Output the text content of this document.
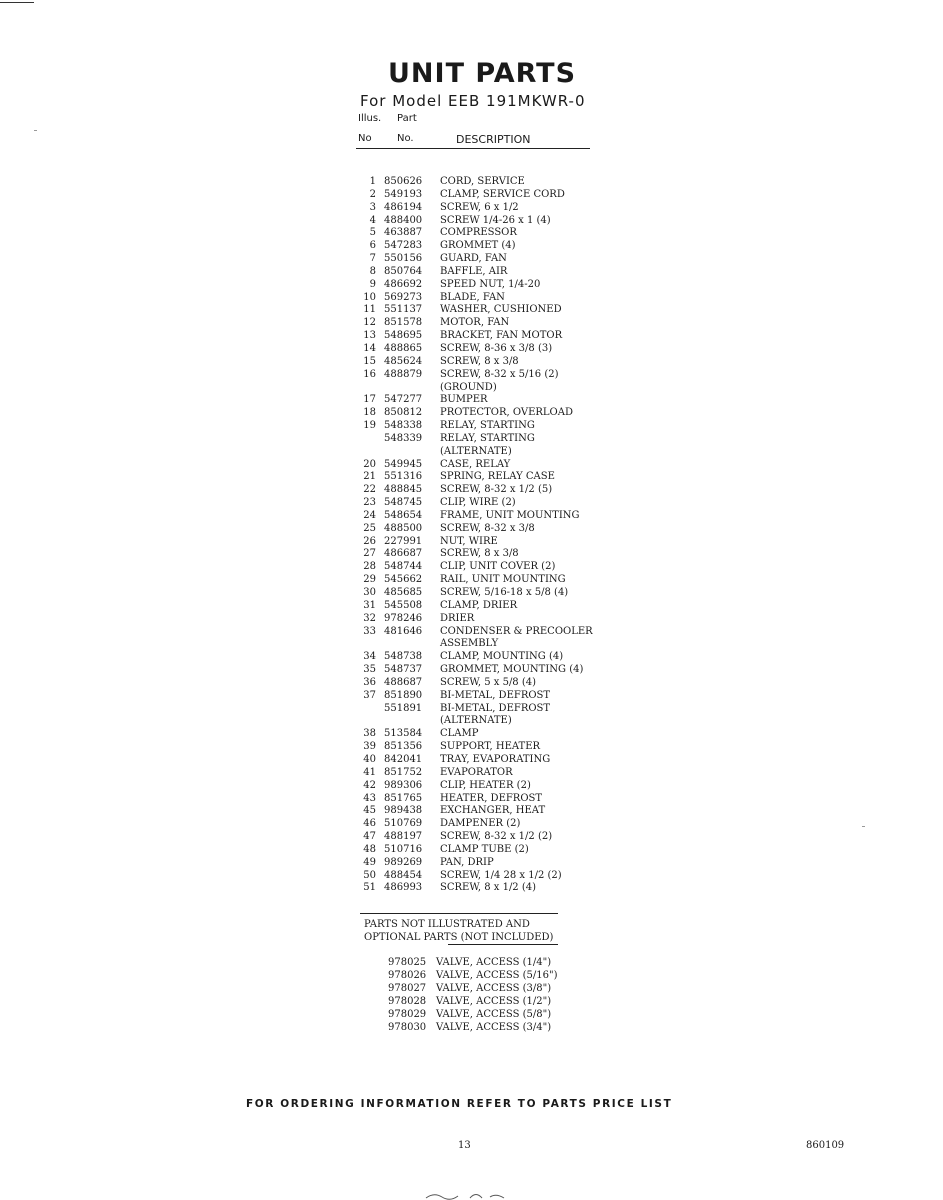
UNIT PARTS
For Model EEB 191MKWR-0
Illus. Part
No	No.	DESCRIPTION
1 850626 CORD, SERVICE
2 549193 CLAMP, SERVICE CORD
3 486194 SCREW, 6 x 1/2
4 488400 SCREW 1/4-26 x 1 (4)
5 463887 COMPRESSOR
6 547283 GROMMET (4)
7 550156 GUARD, FAN
8 850764 BAFFLE, AIR
9 486692 SPEED NUT, 1/4-20
10 569273 BLADE, FAN
11 551137 WASHER, CUSHIONED
12 851578 MOTOR, FAN
13 548695 BRACKET, FAN MOTOR
14 488865 SCREW, 8-36 x 3/8 (3)
15 485624 SCREW, 8 x 3/8
16 488879 SCREW, 8-32 x 5/16 (2)
(GROUND)
17 547277 BUMPER
18 850812 PROTECTOR, OVERLOAD
19 548338 RELAY, STARTING
548339 RELAY, STARTING
(ALTERNATE)
20 549945 CASE, RELAY
21 551316 SPRING, RELAY CASE
22 488845 SCREW, 8-32 x 1/2 (5)
23 548745 CLIP, WIRE (2)
24 548654 FRAME, UNIT MOUNTING
25 488500 SCREW, 8-32 x 3/8
26 227991 NUT, WIRE
27 486687 SCREW, 8 x 3/8
28 548744 CLIP, UNIT COVER (2)
29 545662 RAIL, UNIT MOUNTING
30 485685 SCREW, 5/16-18 x 5/8 (4)
31 545508 CLAMP, DRIER
32 978246 DRIER
33 481646 CONDENSER & PRECOOLER
ASSEMBLY
34 548738 CLAMP, MOUNTING (4)
35 548737 GROMMET, MOUNTING (4)
36 488687 SCREW, 5 x 5/8 (4)
37 851890 BI-METAL, DEFROST
551891 BI-METAL, DEFROST
(ALTERNATE)
38 513584 CLAMP
39 851356 SUPPORT, HEATER
40 842041 TRAY, EVAPORATING
41 851752 EVAPORATOR
42 989306 CLIP, HEATER (2)
43 851765 HEATER, DEFROST
45 989438 EXCHANGER, HEAT
46 510769 DAMPENER (2)
47 488197 SCREW, 8-32 x 1/2 (2)
48 510716 CLAMP TUBE (2)
49 989269 PAN, DRIP
50 488454 SCREW, 1/4 28 x 1/2 (2)
51 486993 SCREW, 8 x 1/2 (4)
PARTS NOT ILLUSTRATED AND
OPTIONAL PARTS (NOT INCLUDED)
978025 VALVE, ACCESS (1/4")
978026 VALVE, ACCESS (5/16")
978027 VALVE, ACCESS (3/8")
978028 VALVE, ACCESS (1/2")
978029 VALVE, ACCESS (5/8")
978030 VALVE, ACCESS (3/4")
FOR ORDERING INFORMATION REFER TO PARTS PRICE LIST
13	860109
